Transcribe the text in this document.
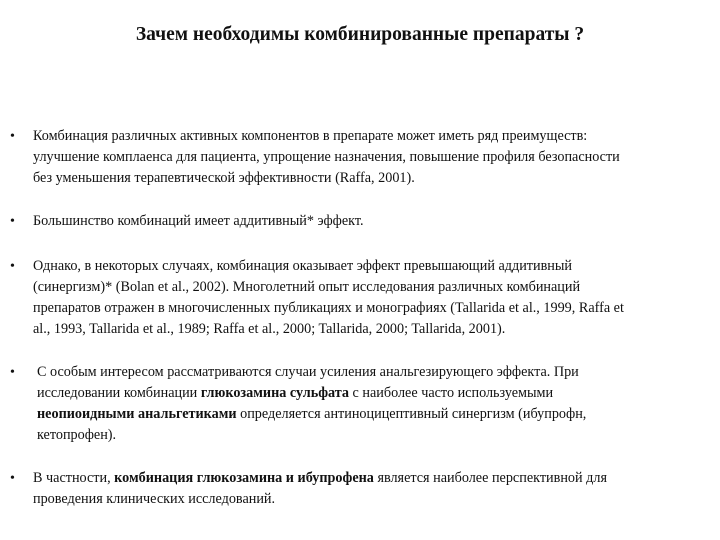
Зачем необходимы комбинированные препараты ?
• Комбинация различных активных компонентов в препарате может иметь ряд преимуществ:
улучшение комплаенса для пациента, упрощение назначения, повышение профиля безопасности
без уменьшения терапевтической эффективности (Raffa, 2001).

• Большинство комбинаций имеет аддитивный* эффект.

• Однако, в некоторых случаях, комбинация оказывает эффект превышающий аддитивный
(синергизм)* (Bolan et al., 2002). Многолетний опыт исследования различных комбинаций
препаратов отражен в многочисленных публикациях и монографиях (Tallarida et al., 1999, Raffa et
al., 1993, Tallarida et al., 1989; Raffa et al., 2000; Tallarida, 2000; Tallarida, 2001).

• С особым интересом рассматриваются случаи усиления анальгезирующего эффекта. При
исследовании комбинации глюкозамина сульфата с наиболее часто используемыми
неопиоидными анальгетиками определяется антиноцицептивный синергизм (ибупрофн,
кетопрофен).

• В частности, комбинация глюкозамина и ибупрофена является наиболее перспективной для
проведения клинических исследований.
